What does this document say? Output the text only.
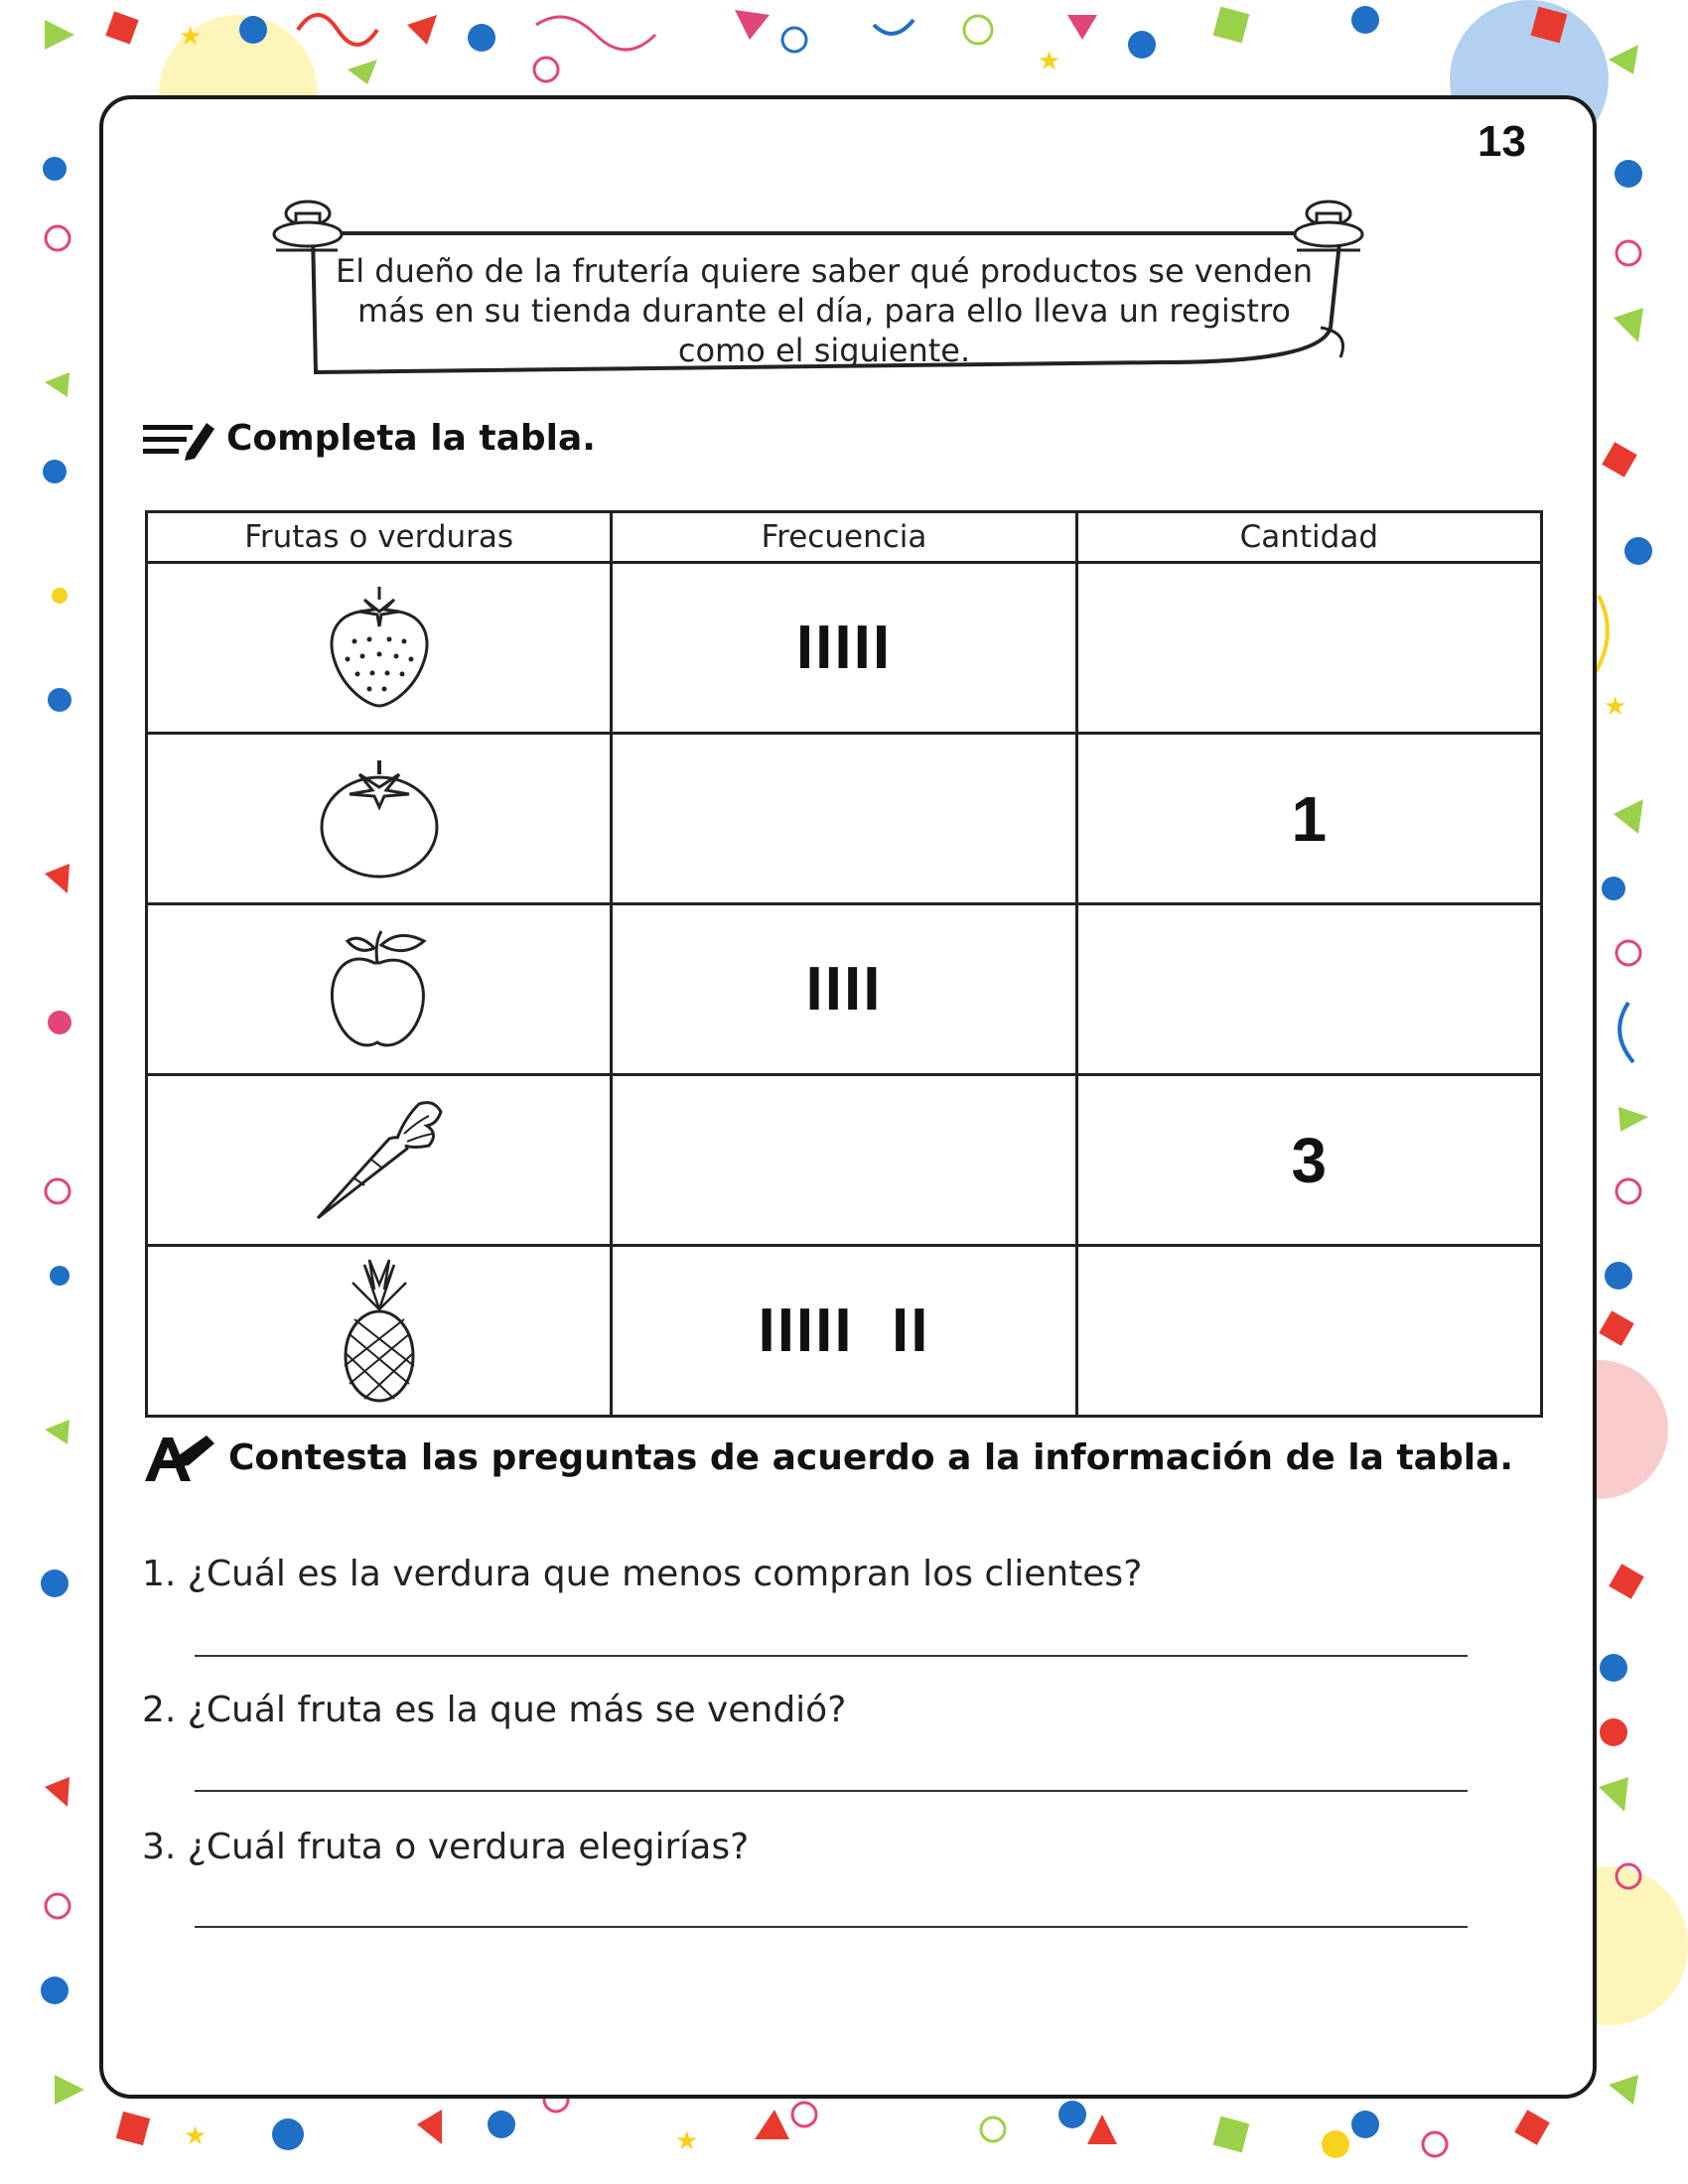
★
★
★
★	★
13
El dueño de la frutería quiere saber qué productos se venden
más en su tienda durante el día, para ello lleva un registro
como el siguiente.
Completa la tabla.
Frutas o verduras	Frecuencia	Cantidad
	IIIII	
		1
	IIII	
		3
	IIIII  II	
Contesta las preguntas de acuerdo a la información de la tabla.
1. ¿Cuál es la verdura que menos compran los clientes?
2. ¿Cuál fruta es la que más se vendió?
3. ¿Cuál fruta o verdura elegirías?
